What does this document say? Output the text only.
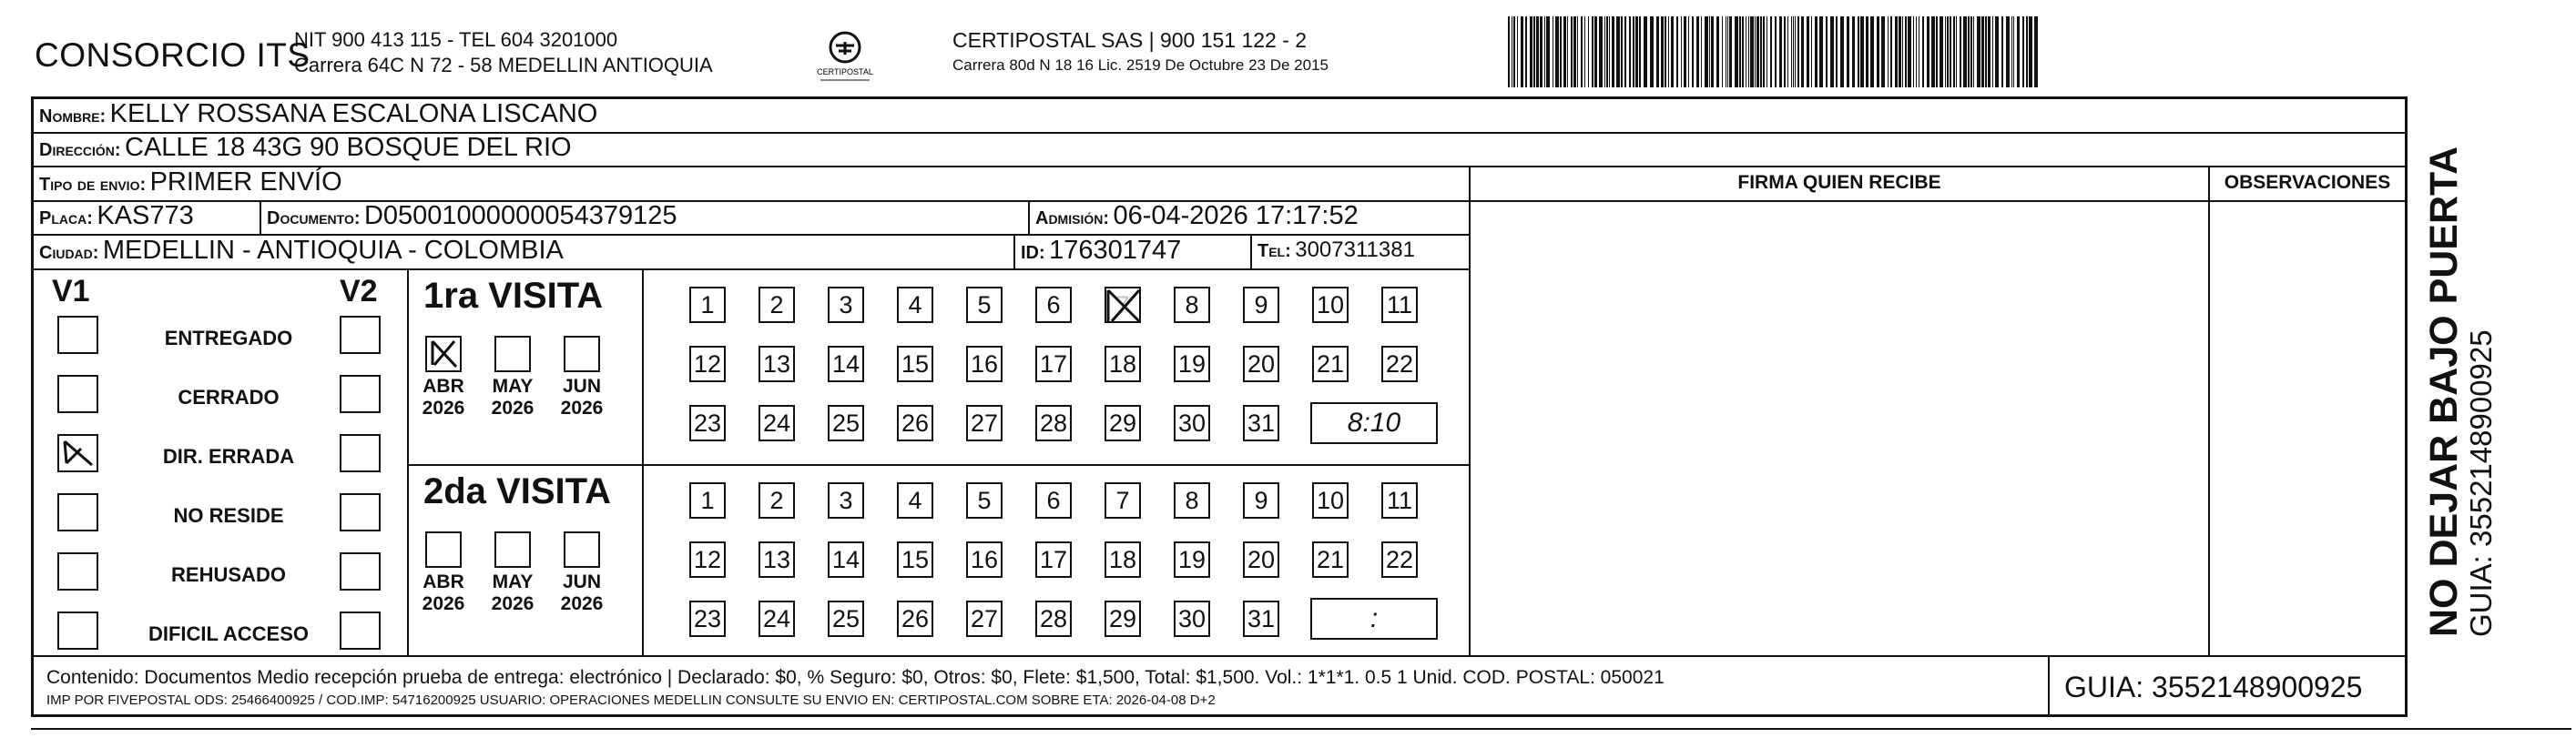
CONSORCIO ITS
NIT 900 413 115 - TEL 604 3201000
Carrera 64C N 72 - 58 MEDELLIN ANTIOQUIA	CERTIPOSTAL
CERTIPOSTAL SAS | 900 151 122 - 2
Carrera 80d N 18 16 Lic. 2519 De Octubre 23 De 2015
Nombre: KELLY ROSSANA ESCALONA LISCANO
Dirección: CALLE 18 43G 90 BOSQUE DEL RIO
Tipo de envio: PRIMER ENVÍO	FIRMA QUIEN RECIBE	OBSERVACIONES
Placa: KAS773	Documento: D05001000000054379125	Admisión: 06-04-2026 17:17:52
Ciudad: MEDELLIN - ANTIOQUIA - COLOMBIA	ID: 176301747	Tel: 3007311381
V1	V2
ENTREGADO
CERRADO
DIR. ERRADA
NO RESIDE
REHUSADO
DIFICIL ACCESO
1ra VISITA
ABR
2026
MAY
2026
JUN
2026
1	2	3	4	5	6	7	8	9	10 11
12 13 14 15 16 17 18 19 20 21 22
23 24 25 26 27 28 29 30 31	8:10
2da VISITA
ABR
2026
MAY
2026
JUN
2026
1	2	3	4	5	6	7	8	9	10 11
12 13 14 15 16 17 18 19 20 21 22
23 24 25 26 27 28 29 30 31	:
Contenido: Documentos Medio recepción prueba de entrega: electrónico | Declarado: $0, % Seguro: $0, Otros: $0, Flete: $1,500, Total: $1,500. Vol.: 1*1*1. 0.5 1 Unid. COD. POSTAL: 050021
IMP POR FIVEPOSTAL ODS: 25466400925 / COD.IMP: 54716200925 USUARIO: OPERACIONES MEDELLIN CONSULTE SU ENVIO EN: CERTIPOSTAL.COM SOBRE ETA: 2026-04-08 D+2	GUIA: 3552148900925
NO DEJAR BAJO PUERTA
GUIA: 3552148900925
